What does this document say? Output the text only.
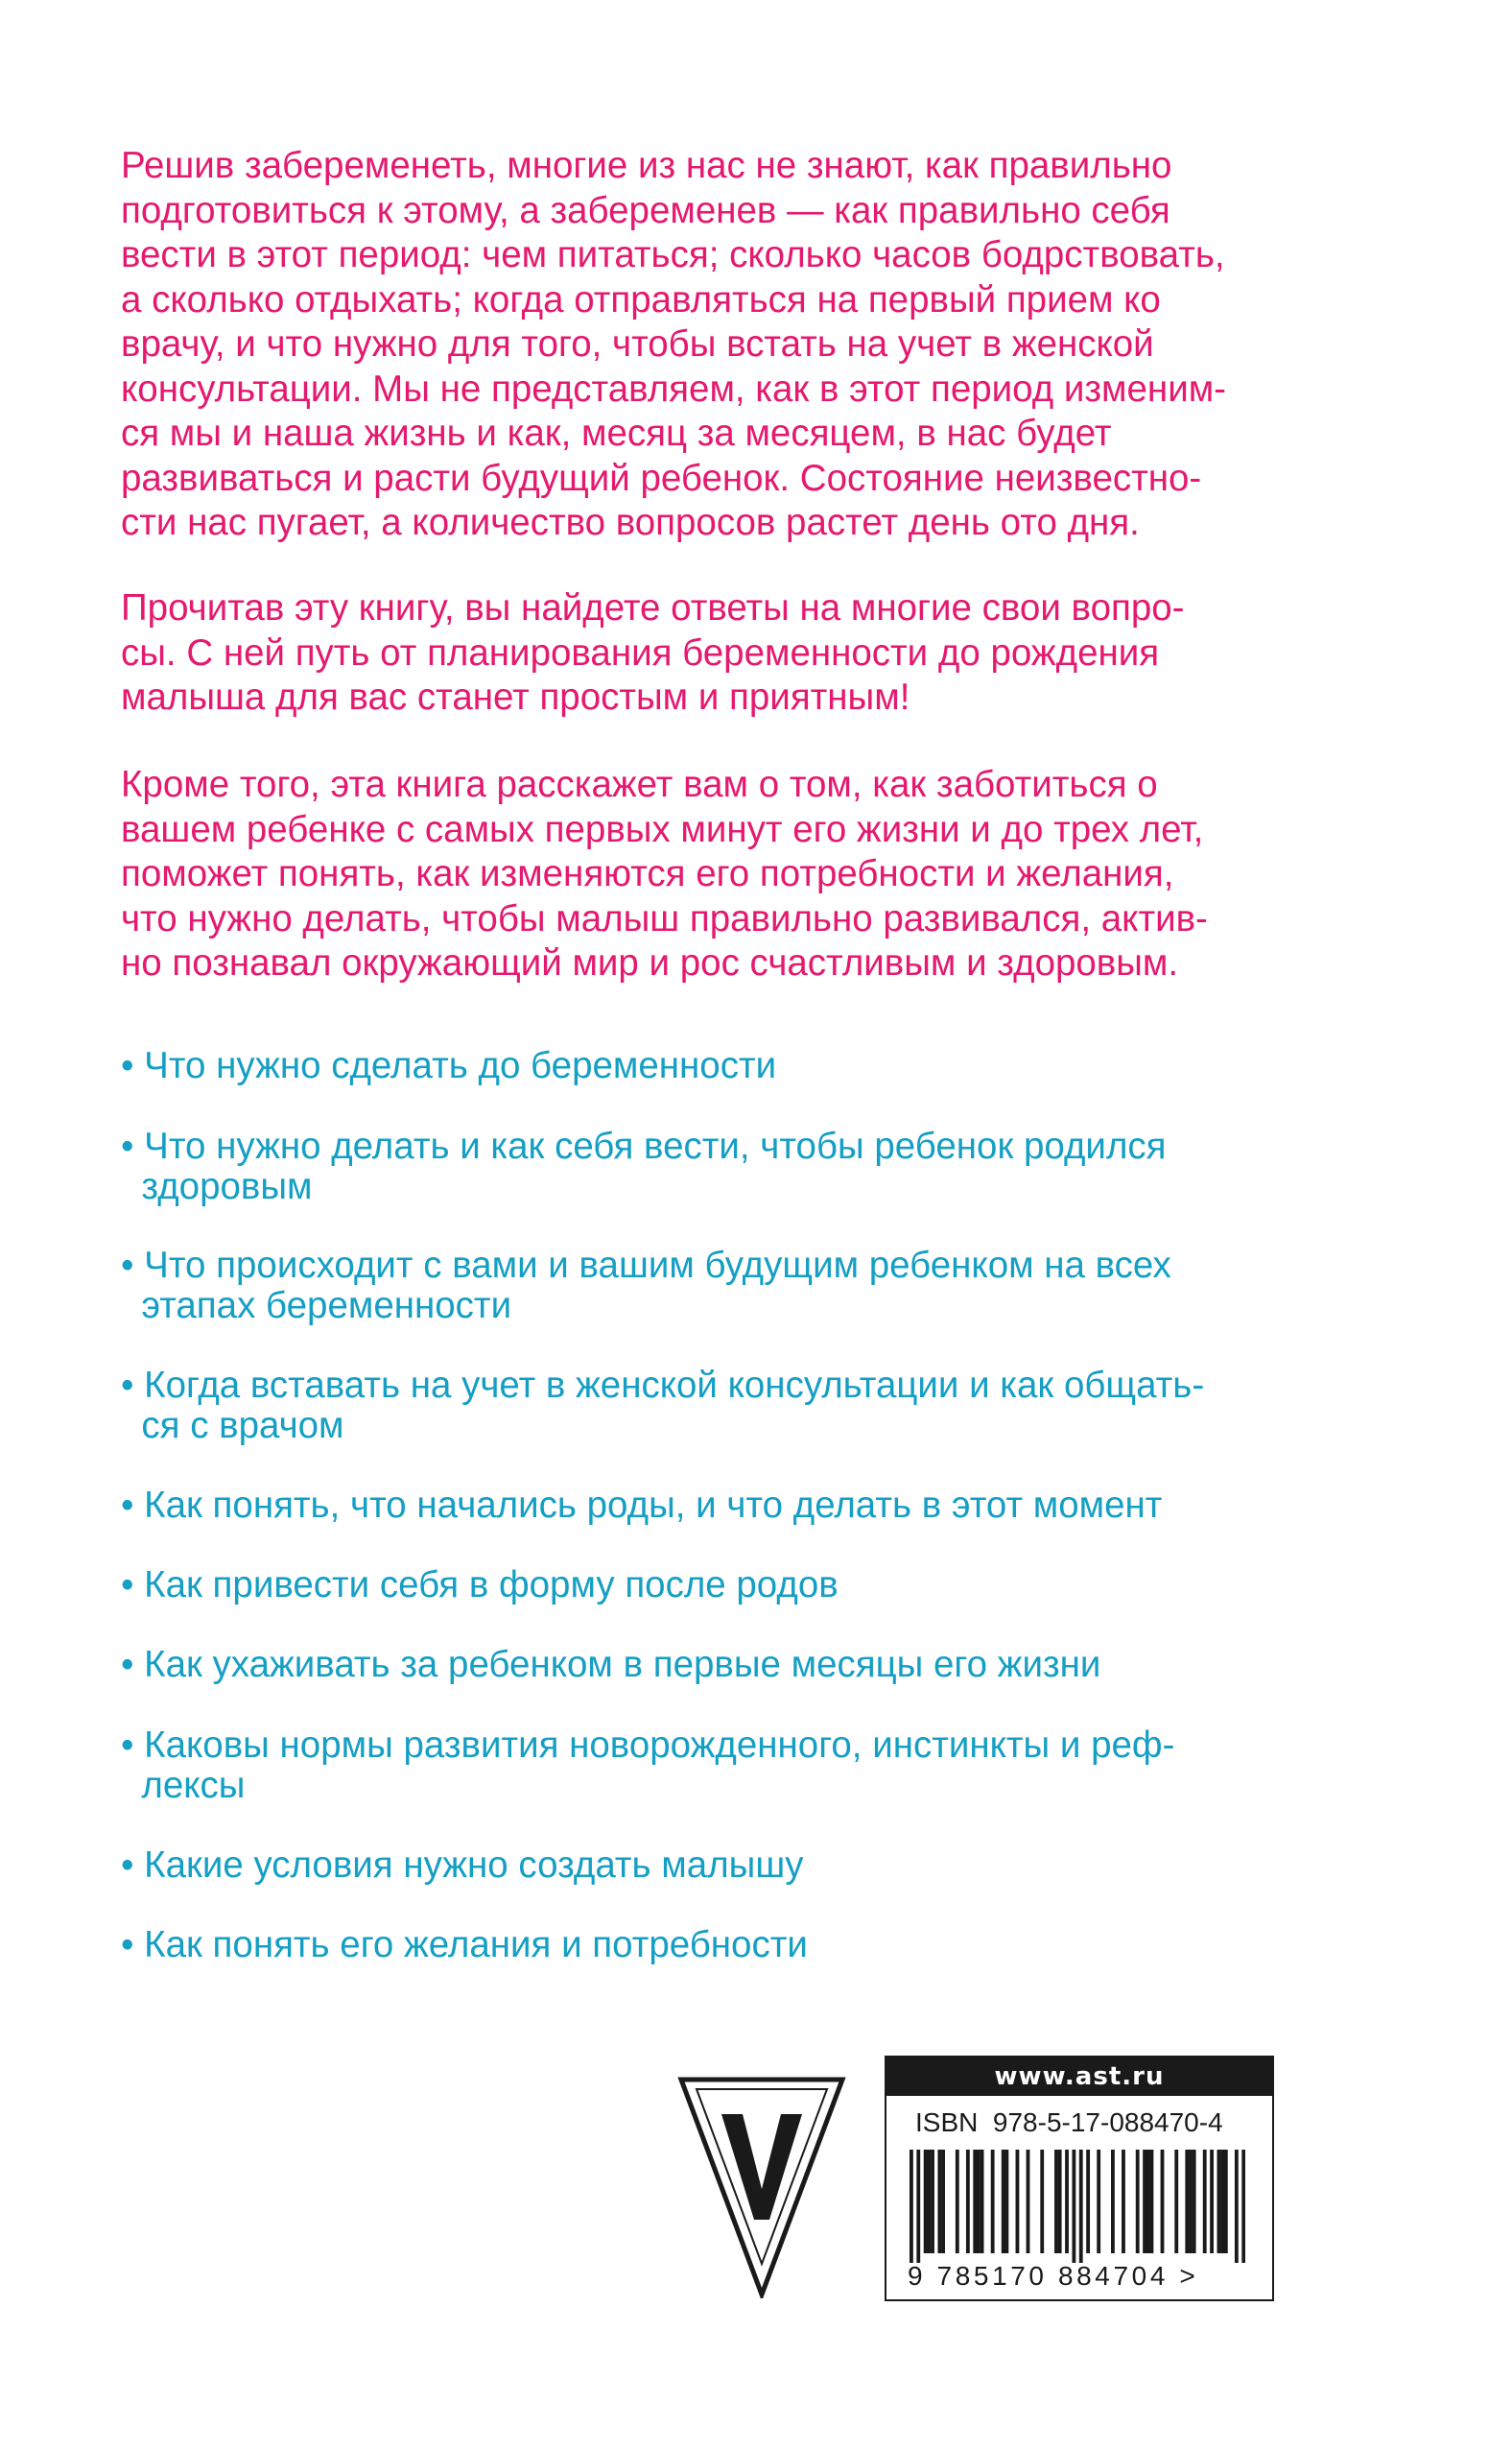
Решив забеременеть, многие из нас не знают, как правильно
подготовиться к этому, а забеременев — как правильно себя
вести в этот период: чем питаться; сколько часов бодрствовать,
а сколько отдыхать; когда отправляться на первый прием ко
врачу, и что нужно для того, чтобы встать на учет в женской
консультации. Мы не представляем, как в этот период изменим-
ся мы и наша жизнь и как, месяц за месяцем, в нас будет
развиваться и расти будущий ребенок. Состояние неизвестно-
сти нас пугает, а количество вопросов растет день ото дня.

Прочитав эту книгу, вы найдете ответы на многие свои вопро-
сы. С ней путь от планирования беременности до рождения
малыша для вас станет простым и приятным!

Кроме того, эта книга расскажет вам о том, как заботиться о
вашем ребенке с самых первых минут его жизни и до трех лет,
поможет понять, как изменяются его потребности и желания,
что нужно делать, чтобы малыш правильно развивался, актив-
но познавал окружающий мир и рос счастливым и здоровым.

• Что нужно сделать до беременности
• Что нужно делать и как себя вести, чтобы ребенок родился
здоровым
• Что происходит с вами и вашим будущим ребенком на всех
этапах беременности
• Когда вставать на учет в женской консультации и как общать-
ся с врачом
• Как понять, что начались роды, и что делать в этот момент
• Как привести себя в форму после родов
• Как ухаживать за ребенком в первые месяцы его жизни
• Каковы нормы развития новорожденного, инстинкты и реф-
лексы
• Какие условия нужно создать малышу
• Как понять его желания и потребности
www.ast.ru
ISBN  978-5-17-088470-4
9 785170 884704 >
